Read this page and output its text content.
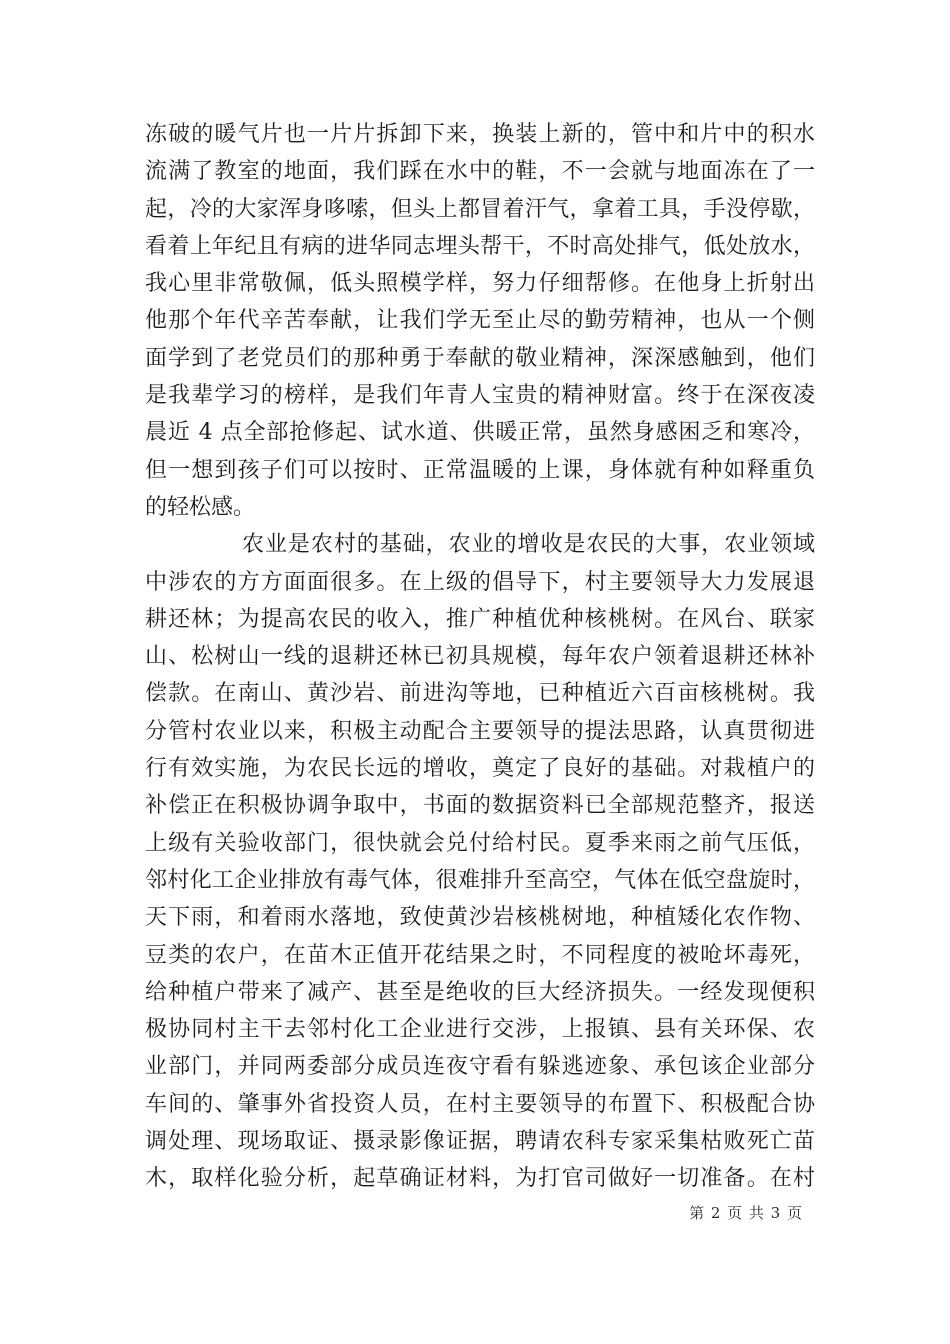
冻破的暖气片也一片片拆卸下来，换装上新的，管中和片中的积水
流满了教室的地面，我们踩在水中的鞋，不一会就与地面冻在了一
起，冷的大家浑身哆嗦，但头上都冒着汗气，拿着工具，手没停歇，
看着上年纪且有病的进华同志埋头帮干，不时高处排气，低处放水，
我心里非常敬佩，低头照模学样，努力仔细帮修。在他身上折射出
他那个年代辛苦奉献，让我们学无至止尽的勤劳精神，也从一个侧
面学到了老党员们的那种勇于奉献的敬业精神，深深感触到，他们
是我辈学习的榜样，是我们年青人宝贵的精神财富。终于在深夜凌
晨近 4 点全部抢修起、试水道、供暖正常，虽然身感困乏和寒冷，
但一想到孩子们可以按时、正常温暖的上课，身体就有种如释重负
的轻松感。
农业是农村的基础，农业的增收是农民的大事，农业领域
中涉农的方方面面很多。在上级的倡导下，村主要领导大力发展退
耕还林；为提高农民的收入，推广种植优种核桃树。在风台、联家
山、松树山一线的退耕还林已初具规模，每年农户领着退耕还林补
偿款。在南山、黄沙岩、前进沟等地，已种植近六百亩核桃树。我
分管村农业以来，积极主动配合主要领导的提法思路，认真贯彻进
行有效实施，为农民长远的增收，奠定了良好的基础。对栽植户的
补偿正在积极协调争取中，书面的数据资料已全部规范整齐，报送
上级有关验收部门，很快就会兑付给村民。夏季来雨之前气压低，
邻村化工企业排放有毒气体，很难排升至高空，气体在低空盘旋时，
天下雨，和着雨水落地，致使黄沙岩核桃树地，种植矮化农作物、
豆类的农户，在苗木正值开花结果之时，不同程度的被呛坏毒死，
给种植户带来了减产、甚至是绝收的巨大经济损失。一经发现便积
极协同村主干去邻村化工企业进行交涉，上报镇、县有关环保、农
业部门，并同两委部分成员连夜守看有躲逃迹象、承包该企业部分
车间的、肇事外省投资人员，在村主要领导的布置下、积极配合协
调处理、现场取证、摄录影像证据，聘请农科专家采集枯败死亡苗
木，取样化验分析，起草确证材料，为打官司做好一切准备。在村
第 2 页 共 3 页
